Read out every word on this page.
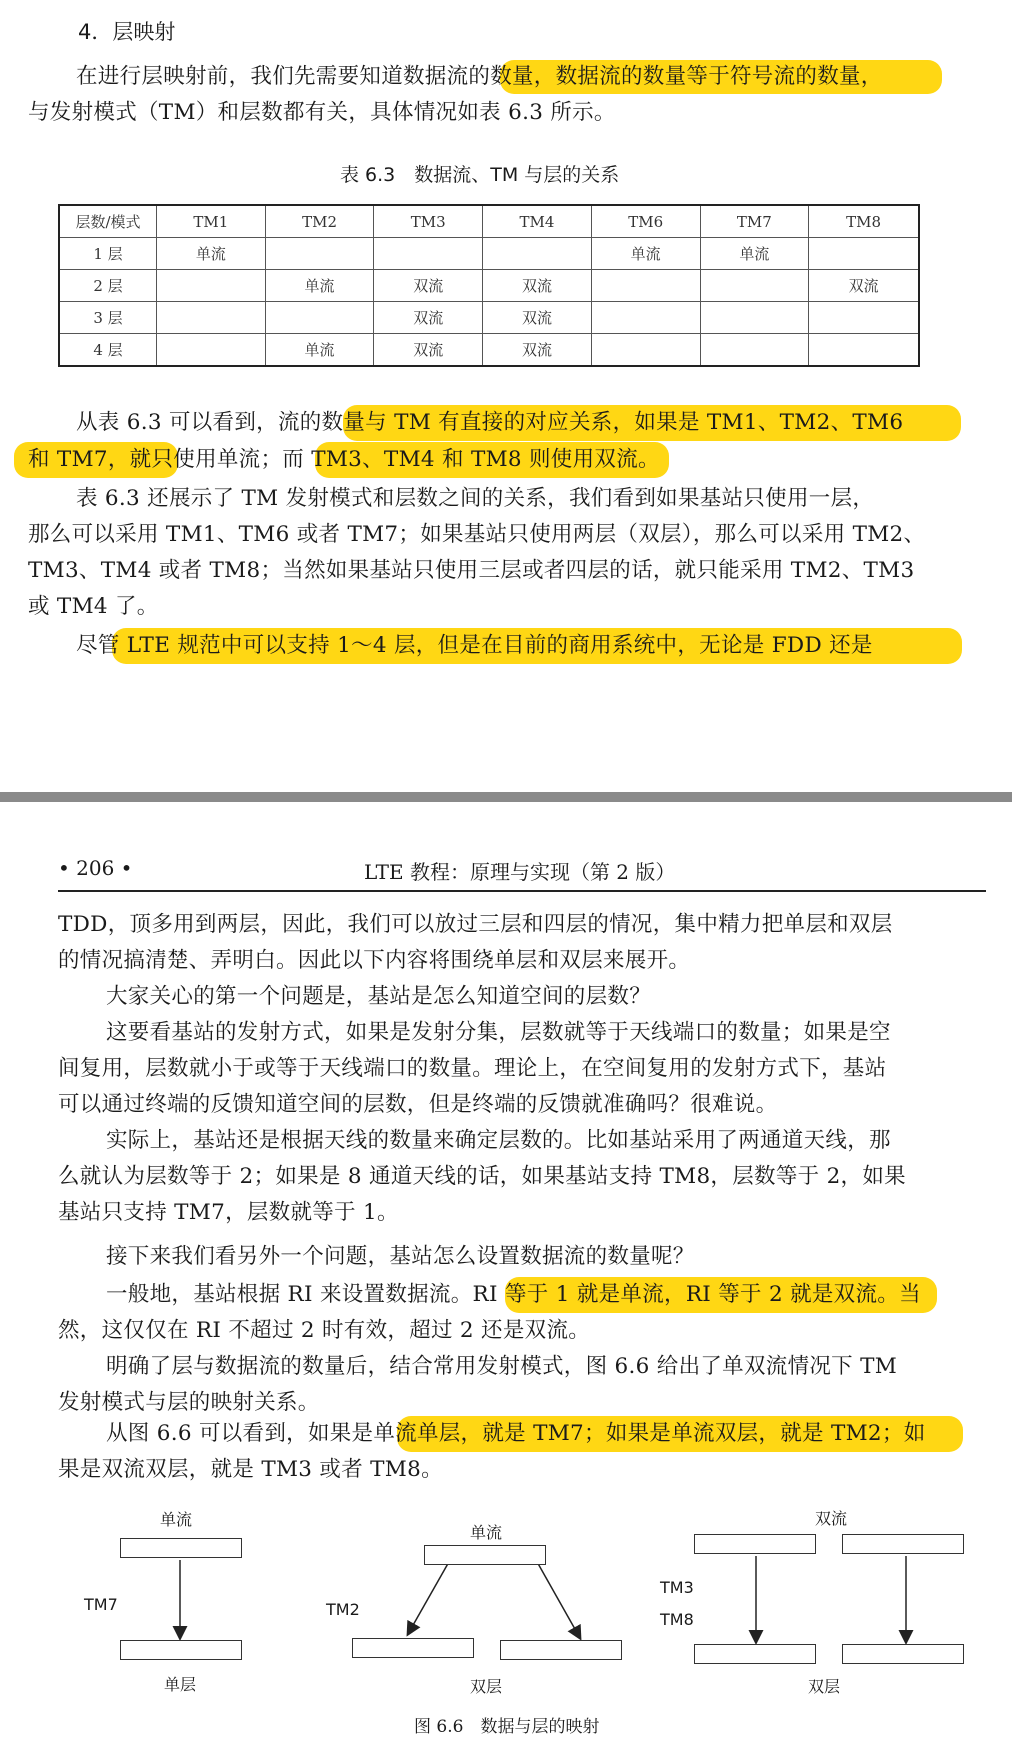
4．层映射
在进行层映射前，我们先需要知道数据流的数量，数据流的数量等于符号流的数量，
与发射模式（TM）和层数都有关，具体情况如表 6.3 所示。
表 6.3　数据流、TM 与层的关系
层数/模式	TM1	TM2	TM3	TM4	TM6	TM7	TM8
1 层	单流				单流	单流	
2 层		单流	双流	双流			双流
3 层			双流	双流			
4 层		单流	双流	双流			
从表 6.3 可以看到，流的数量与 TM 有直接的对应关系，如果是 TM1、TM2、TM6
和 TM7，就只使用单流；而 TM3、TM4 和 TM8 则使用双流。
表 6.3 还展示了 TM 发射模式和层数之间的关系，我们看到如果基站只使用一层，
那么可以采用 TM1、TM6 或者 TM7；如果基站只使用两层（双层），那么可以采用 TM2、
TM3、TM4 或者 TM8；当然如果基站只使用三层或者四层的话，就只能采用 TM2、TM3
或 TM4 了。
尽管 LTE 规范中可以支持 1～4 层，但是在目前的商用系统中，无论是 FDD 还是
• 206 •	LTE 教程：原理与实现（第 2 版）
TDD，顶多用到两层，因此，我们可以放过三层和四层的情况，集中精力把单层和双层
的情况搞清楚、弄明白。因此以下内容将围绕单层和双层来展开。
大家关心的第一个问题是，基站是怎么知道空间的层数？
这要看基站的发射方式，如果是发射分集，层数就等于天线端口的数量；如果是空
间复用，层数就小于或等于天线端口的数量。理论上，在空间复用的发射方式下，基站
可以通过终端的反馈知道空间的层数，但是终端的反馈就准确吗？很难说。
实际上，基站还是根据天线的数量来确定层数的。比如基站采用了两通道天线，那
么就认为层数等于 2；如果是 8 通道天线的话，如果基站支持 TM8，层数等于 2，如果
基站只支持 TM7，层数就等于 1。
接下来我们看另外一个问题，基站怎么设置数据流的数量呢？
一般地，基站根据 RI 来设置数据流。RI 等于 1 就是单流，RI 等于 2 就是双流。当
然，这仅仅在 RI 不超过 2 时有效，超过 2 还是双流。
明确了层与数据流的数量后，结合常用发射模式，图 6.6 给出了单双流情况下 TM
发射模式与层的映射关系。
从图 6.6 可以看到，如果是单流单层，就是 TM7；如果是单流双层，就是 TM2；如
果是双流双层，就是 TM3 或者 TM8。
单流
TM7
单层
单流
TM2
双层
双流
TM3
TM8
双层
图 6.6　数据与层的映射
